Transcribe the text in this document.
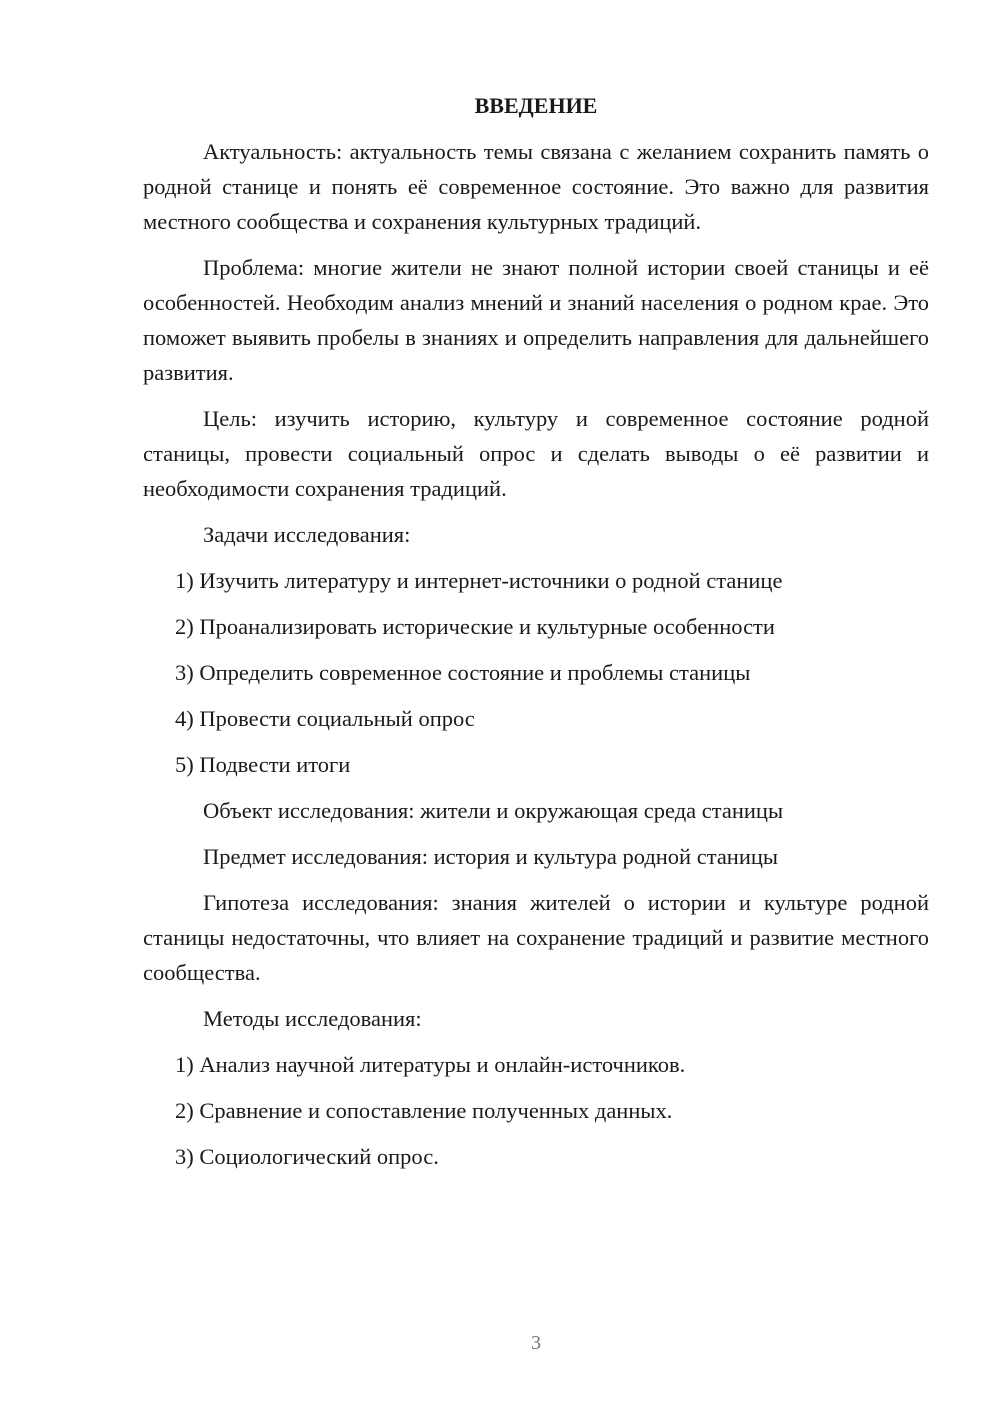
ВВЕДЕНИЕ
Актуальность: актуальность темы связана с желанием сохранить память о родной станице и понять её современное состояние. Это важно для развития местного сообщества и сохранения культурных традиций.
Проблема: многие жители не знают полной истории своей станицы и её особенностей. Необходим анализ мнений и знаний населения о родном крае. Это поможет выявить пробелы в знаниях и определить направления для дальнейшего развития.
Цель: изучить историю, культуру и современное состояние родной станицы, провести социальный опрос и сделать выводы о её развитии и необходимости сохранения традиций.
Задачи исследования:
1) Изучить литературу и интернет-источники о родной станице
2) Проанализировать исторические и культурные особенности
3) Определить современное состояние и проблемы станицы
4) Провести социальный опрос
5) Подвести итоги
Объект исследования: жители и окружающая среда станицы
Предмет исследования: история и культура родной станицы
Гипотеза исследования: знания жителей о истории и культуре родной станицы недостаточны, что влияет на сохранение традиций и развитие местного сообщества.
Методы исследования:
1) Анализ научной литературы и онлайн-источников.
2) Сравнение и сопоставление полученных данных.
3) Социологический опрос.
3
